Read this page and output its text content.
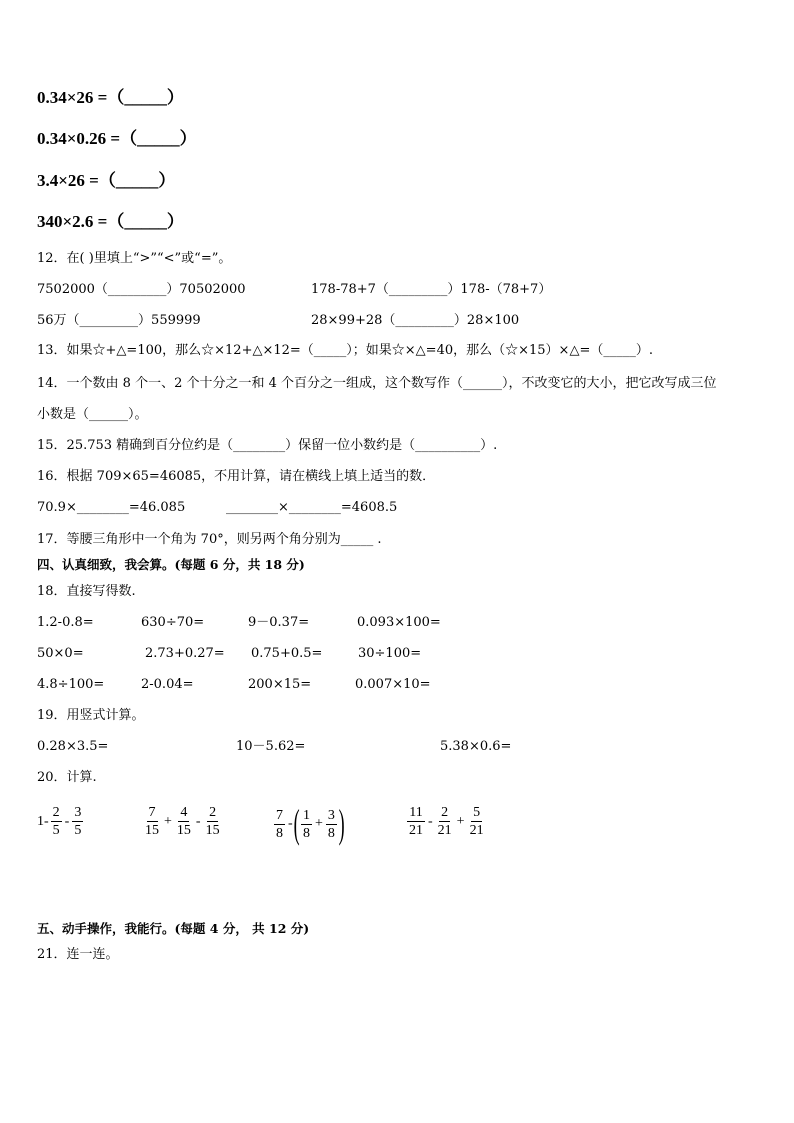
0.34×26 =（_____）
0.34×0.26 =（_____）
3.4×26 =（_____）
340×2.6 =（_____）
12．在( )里填上“>”“<”或“=”。
7502000（_________）70502000	178-78+7（_________）178-（78+7）
56万（_________）559999	28×99+28（_________）28×100
13．如果☆+△=100，那么☆×12+△×12=（_____）；如果☆×△=40，那么（☆×15）×△=（_____）.
14．一个数由 8 个一、2 个十分之一和 4 个百分之一组成，这个数写作（______），不改变它的大小，把它改写成三位
小数是（______）。
15．25.753 精确到百分位约是（________）保留一位小数约是（__________）.
16．根据 709×65=46085，不用计算，请在横线上填上适当的数．
70.9×________=46.085	________×________=4608.5
17．等腰三角形中一个角为 70°，则另两个角分别为_____ .
四、认真细致，我会算。(每题 6 分，共 18 分)
18．直接写得数.
1.2-0.8=	630÷70=	9－0.37=	0.093×100=
50×0=	2.73+0.27= 0.75+0.5=	30÷100=
4.8÷100=	2-0.04=	200×15=	0.007×10=
19．用竖式计算。
0.28×3.5=	10－5.62=	5.38×0.6=
20．计算.
1-
2
5
-
3
5
7
15
+ $\frac{4}{15}$ -
2
15
7
8
- ( 1
8
+ $\frac{3}{8}$ )	11
21
-
2
21
+ $\frac{5}{21}$
五、动手操作，我能行。(每题 4 分， 共 12 分)
21．连一连。
